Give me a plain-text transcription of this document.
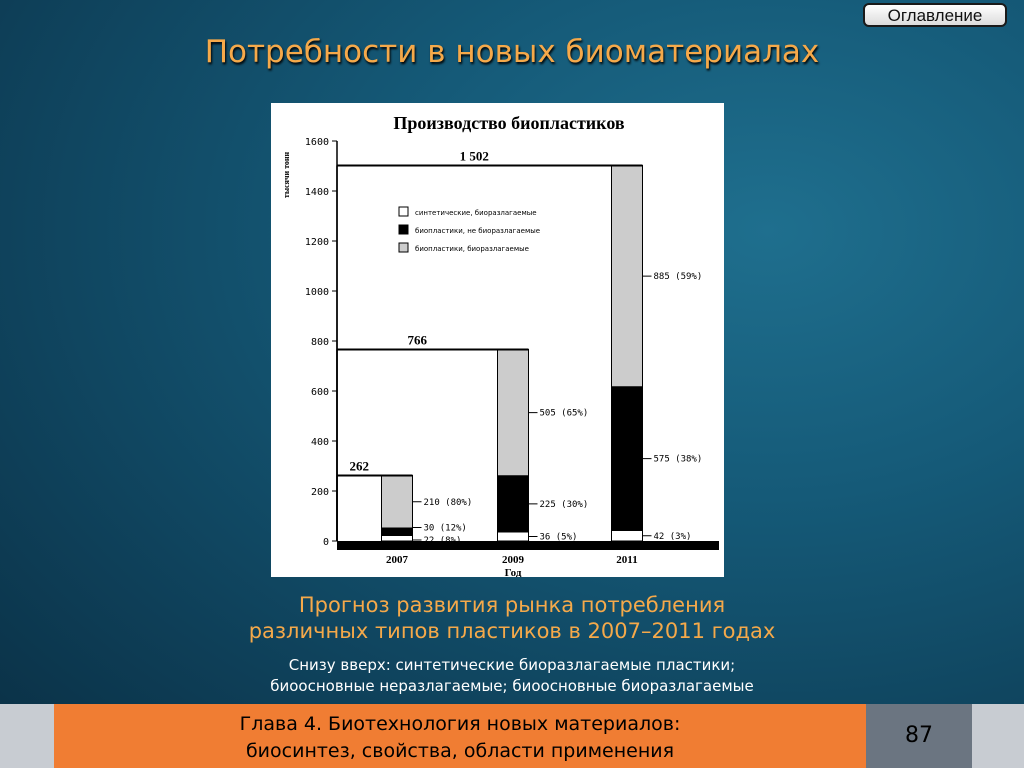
Оглавление
Потребности в новых биоматериалах
Производство биопластиков
тысячи тонн
0
200
400
600
800
1000
1200
1400
1600
262
2007
22 (8%)
30 (12%)
210 (80%)
766
2009
36 (5%)
225 (30%)
505 (65%)
1 502
2011
42 (3%)
575 (38%)
885 (59%)
Год
синтетические, биоразлагаемые
биопластики, не биоразлагаемые
биопластики, биоразлагаемые
Прогноз развития рынка потребления
различных типов пластиков в 2007–2011 годах
Снизу вверх: синтетические биоразлагаемые пластики;
биоосновные неразлагаемые; биоосновные биоразлагаемые
Глава 4. Биотехнология новых материалов:
биосинтез, свойства, области применения
87
